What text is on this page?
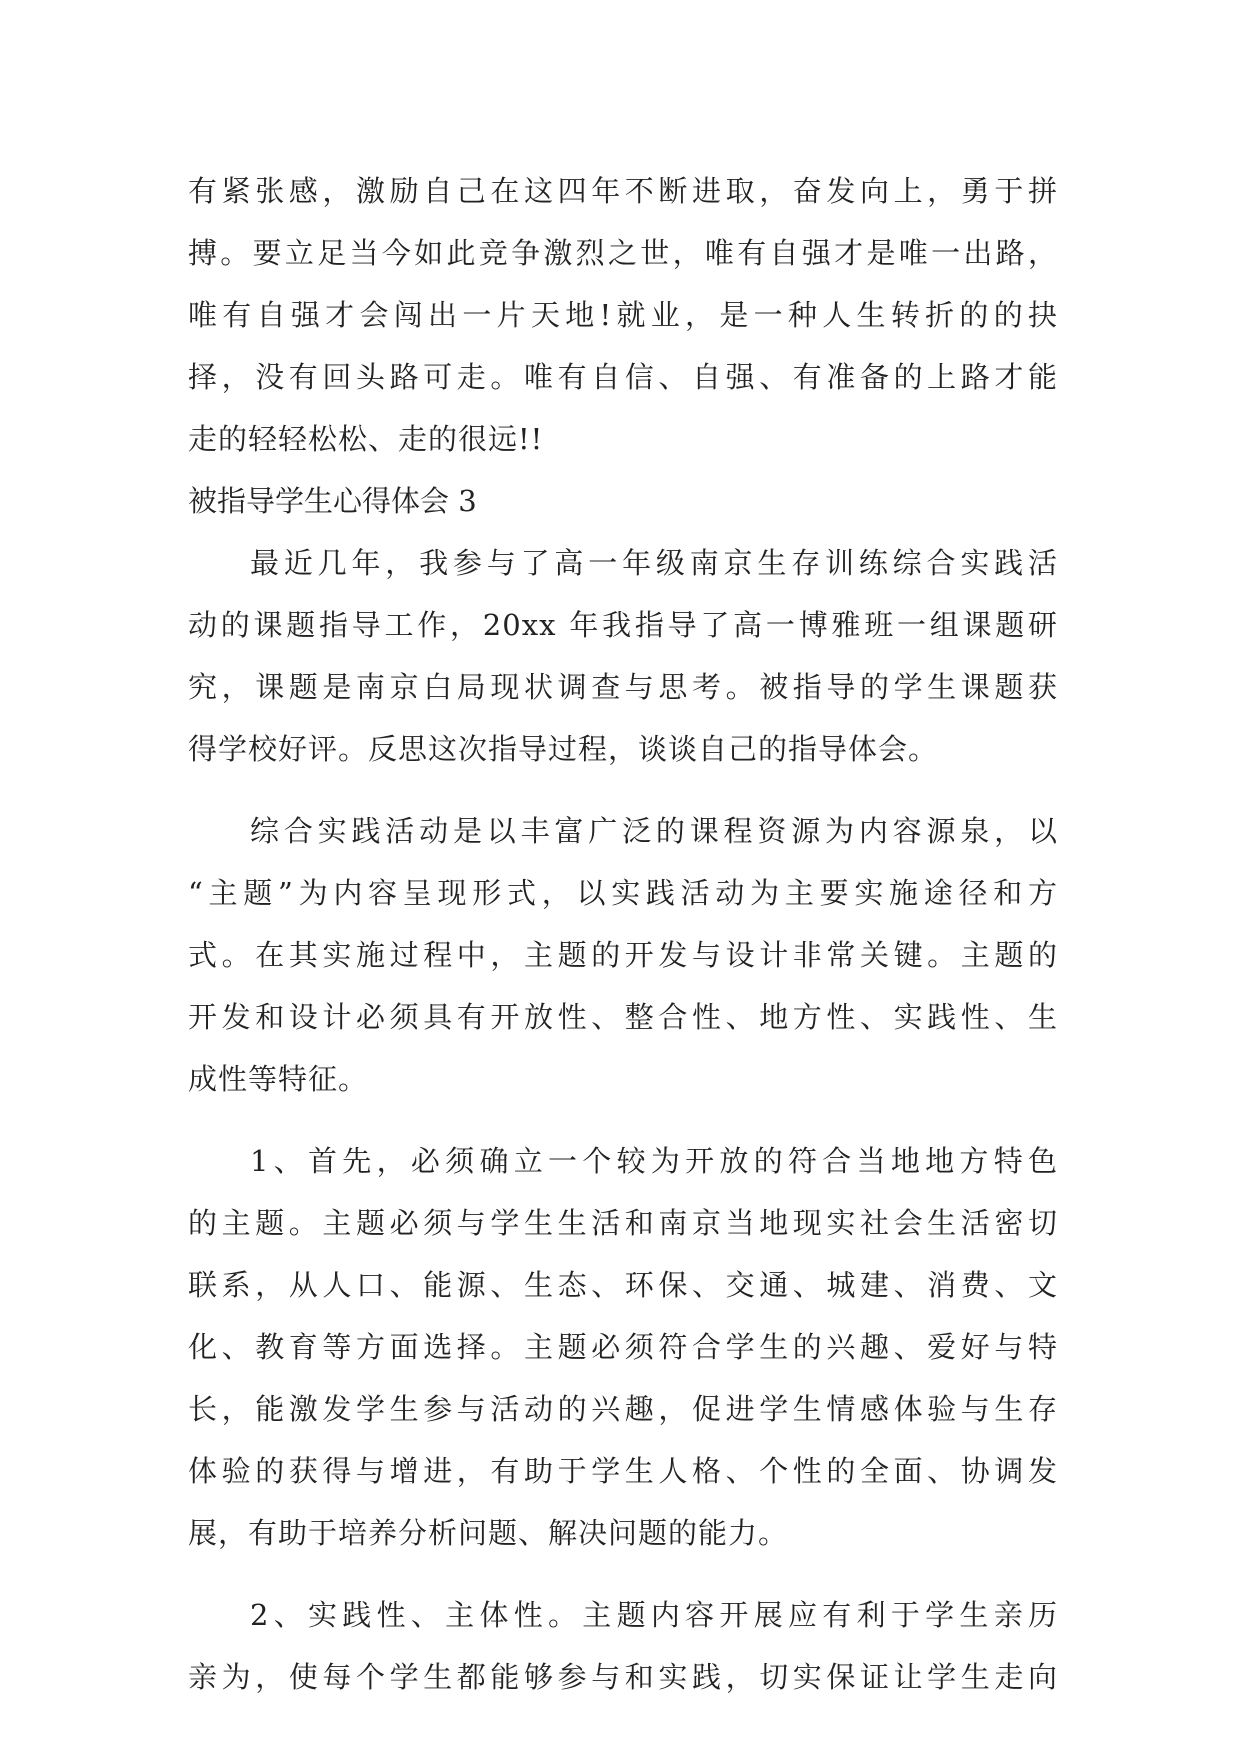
有紧张感，激励自己在这四年不断进取，奋发向上，勇于拼
搏。要立足当今如此竞争激烈之世，唯有自强才是唯一出路，
唯有自强才会闯出一片天地!就业，是一种人生转折的的抉
择，没有回头路可走。唯有自信、自强、有准备的上路才能
走的轻轻松松、走的很远!!
被指导学生心得体会 3
最近几年，我参与了高一年级南京生存训练综合实践活
动的课题指导工作，20xx 年我指导了高一博雅班一组课题研
究，课题是南京白局现状调查与思考。被指导的学生课题获
得学校好评。反思这次指导过程，谈谈自己的指导体会。
综合实践活动是以丰富广泛的课程资源为内容源泉，以
“主题”为内容呈现形式，以实践活动为主要实施途径和方
式。在其实施过程中，主题的开发与设计非常关键。主题的
开发和设计必须具有开放性、整合性、地方性、实践性、生
成性等特征。
1、首先，必须确立一个较为开放的符合当地地方特色
的主题。主题必须与学生生活和南京当地现实社会生活密切
联系，从人口、能源、生态、环保、交通、城建、消费、文
化、教育等方面选择。主题必须符合学生的兴趣、爱好与特
长，能激发学生参与活动的兴趣，促进学生情感体验与生存
体验的获得与增进，有助于学生人格、个性的全面、协调发
展，有助于培养分析问题、解决问题的能力。
2、实践性、主体性。主题内容开展应有利于学生亲历
亲为，使每个学生都能够参与和实践，切实保证让学生走向
